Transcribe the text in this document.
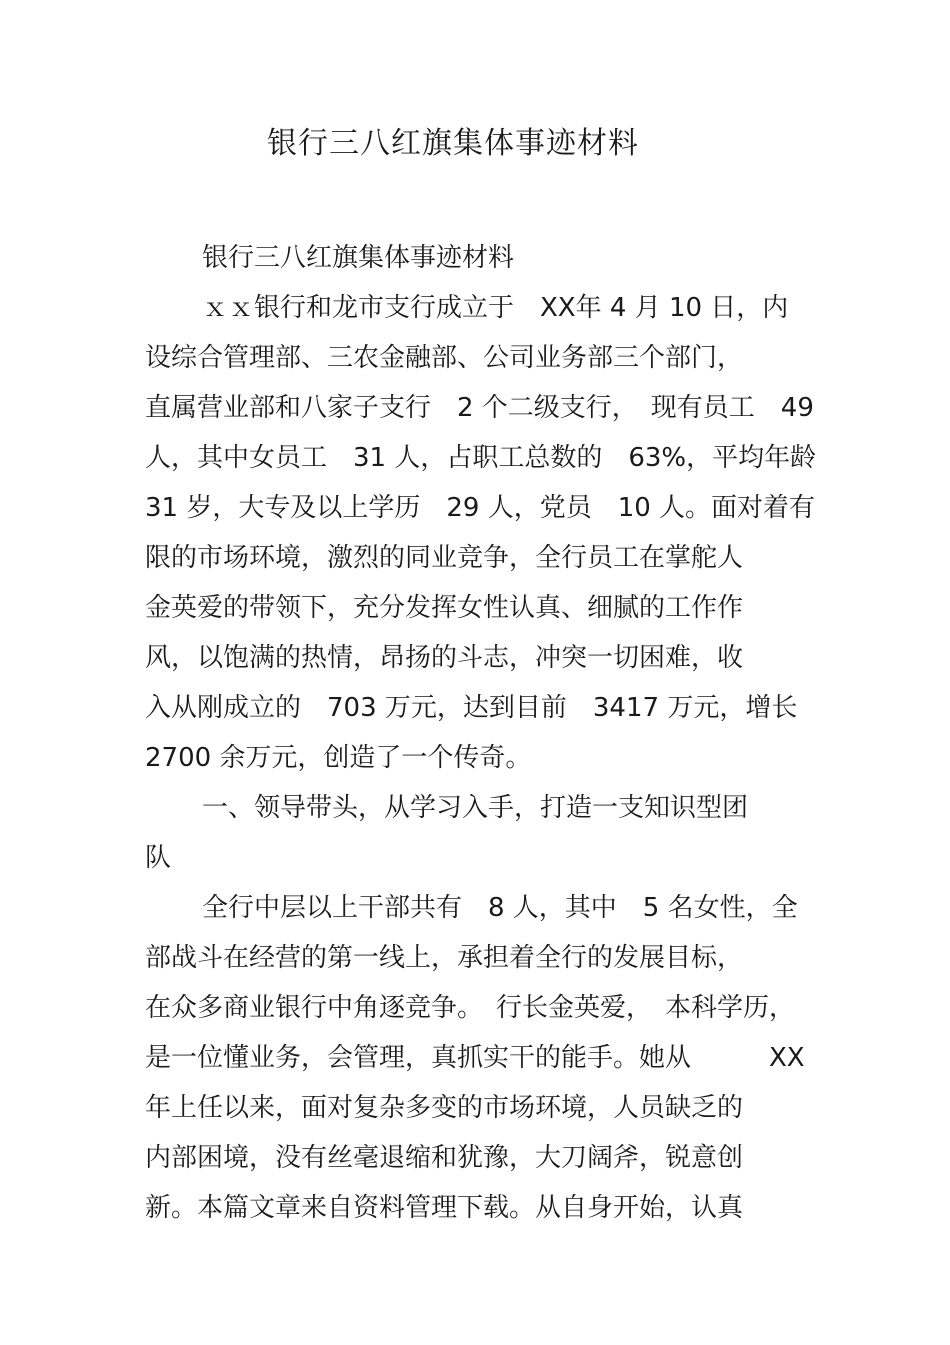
银行三八红旗集体事迹材料
银行三八红旗集体事迹材料
ｘｘ银行和龙市支行成立于　XX年 4 月 10 日，内
设综合管理部、三农金融部、公司业务部三个部门，
直属营业部和八家子支行　2 个二级支行，　现有员工　49
人，其中女员工　31 人，占职工总数的　63%，平均年龄
31 岁，大专及以上学历　29 人，党员　10 人。面对着有
限的市场环境，激烈的同业竞争，全行员工在掌舵人
金英爱的带领下，充分发挥女性认真、细腻的工作作
风，以饱满的热情，昂扬的斗志，冲突一切困难，收
入从刚成立的　703 万元，达到目前　3417 万元，增长
2700 余万元，创造了一个传奇。
一、领导带头，从学习入手，打造一支知识型团
队
全行中层以上干部共有　8 人，其中　5 名女性，全
部战斗在经营的第一线上，承担着全行的发展目标，
在众多商业银行中角逐竞争。　行长金英爱，　本科学历，
是一位懂业务，会管理，真抓实干的能手。她从　　　XX
年上任以来，面对复杂多变的市场环境，人员缺乏的
内部困境，没有丝毫退缩和犹豫，大刀阔斧，锐意创
新。本篇文章来自资料管理下载。从自身开始，认真
